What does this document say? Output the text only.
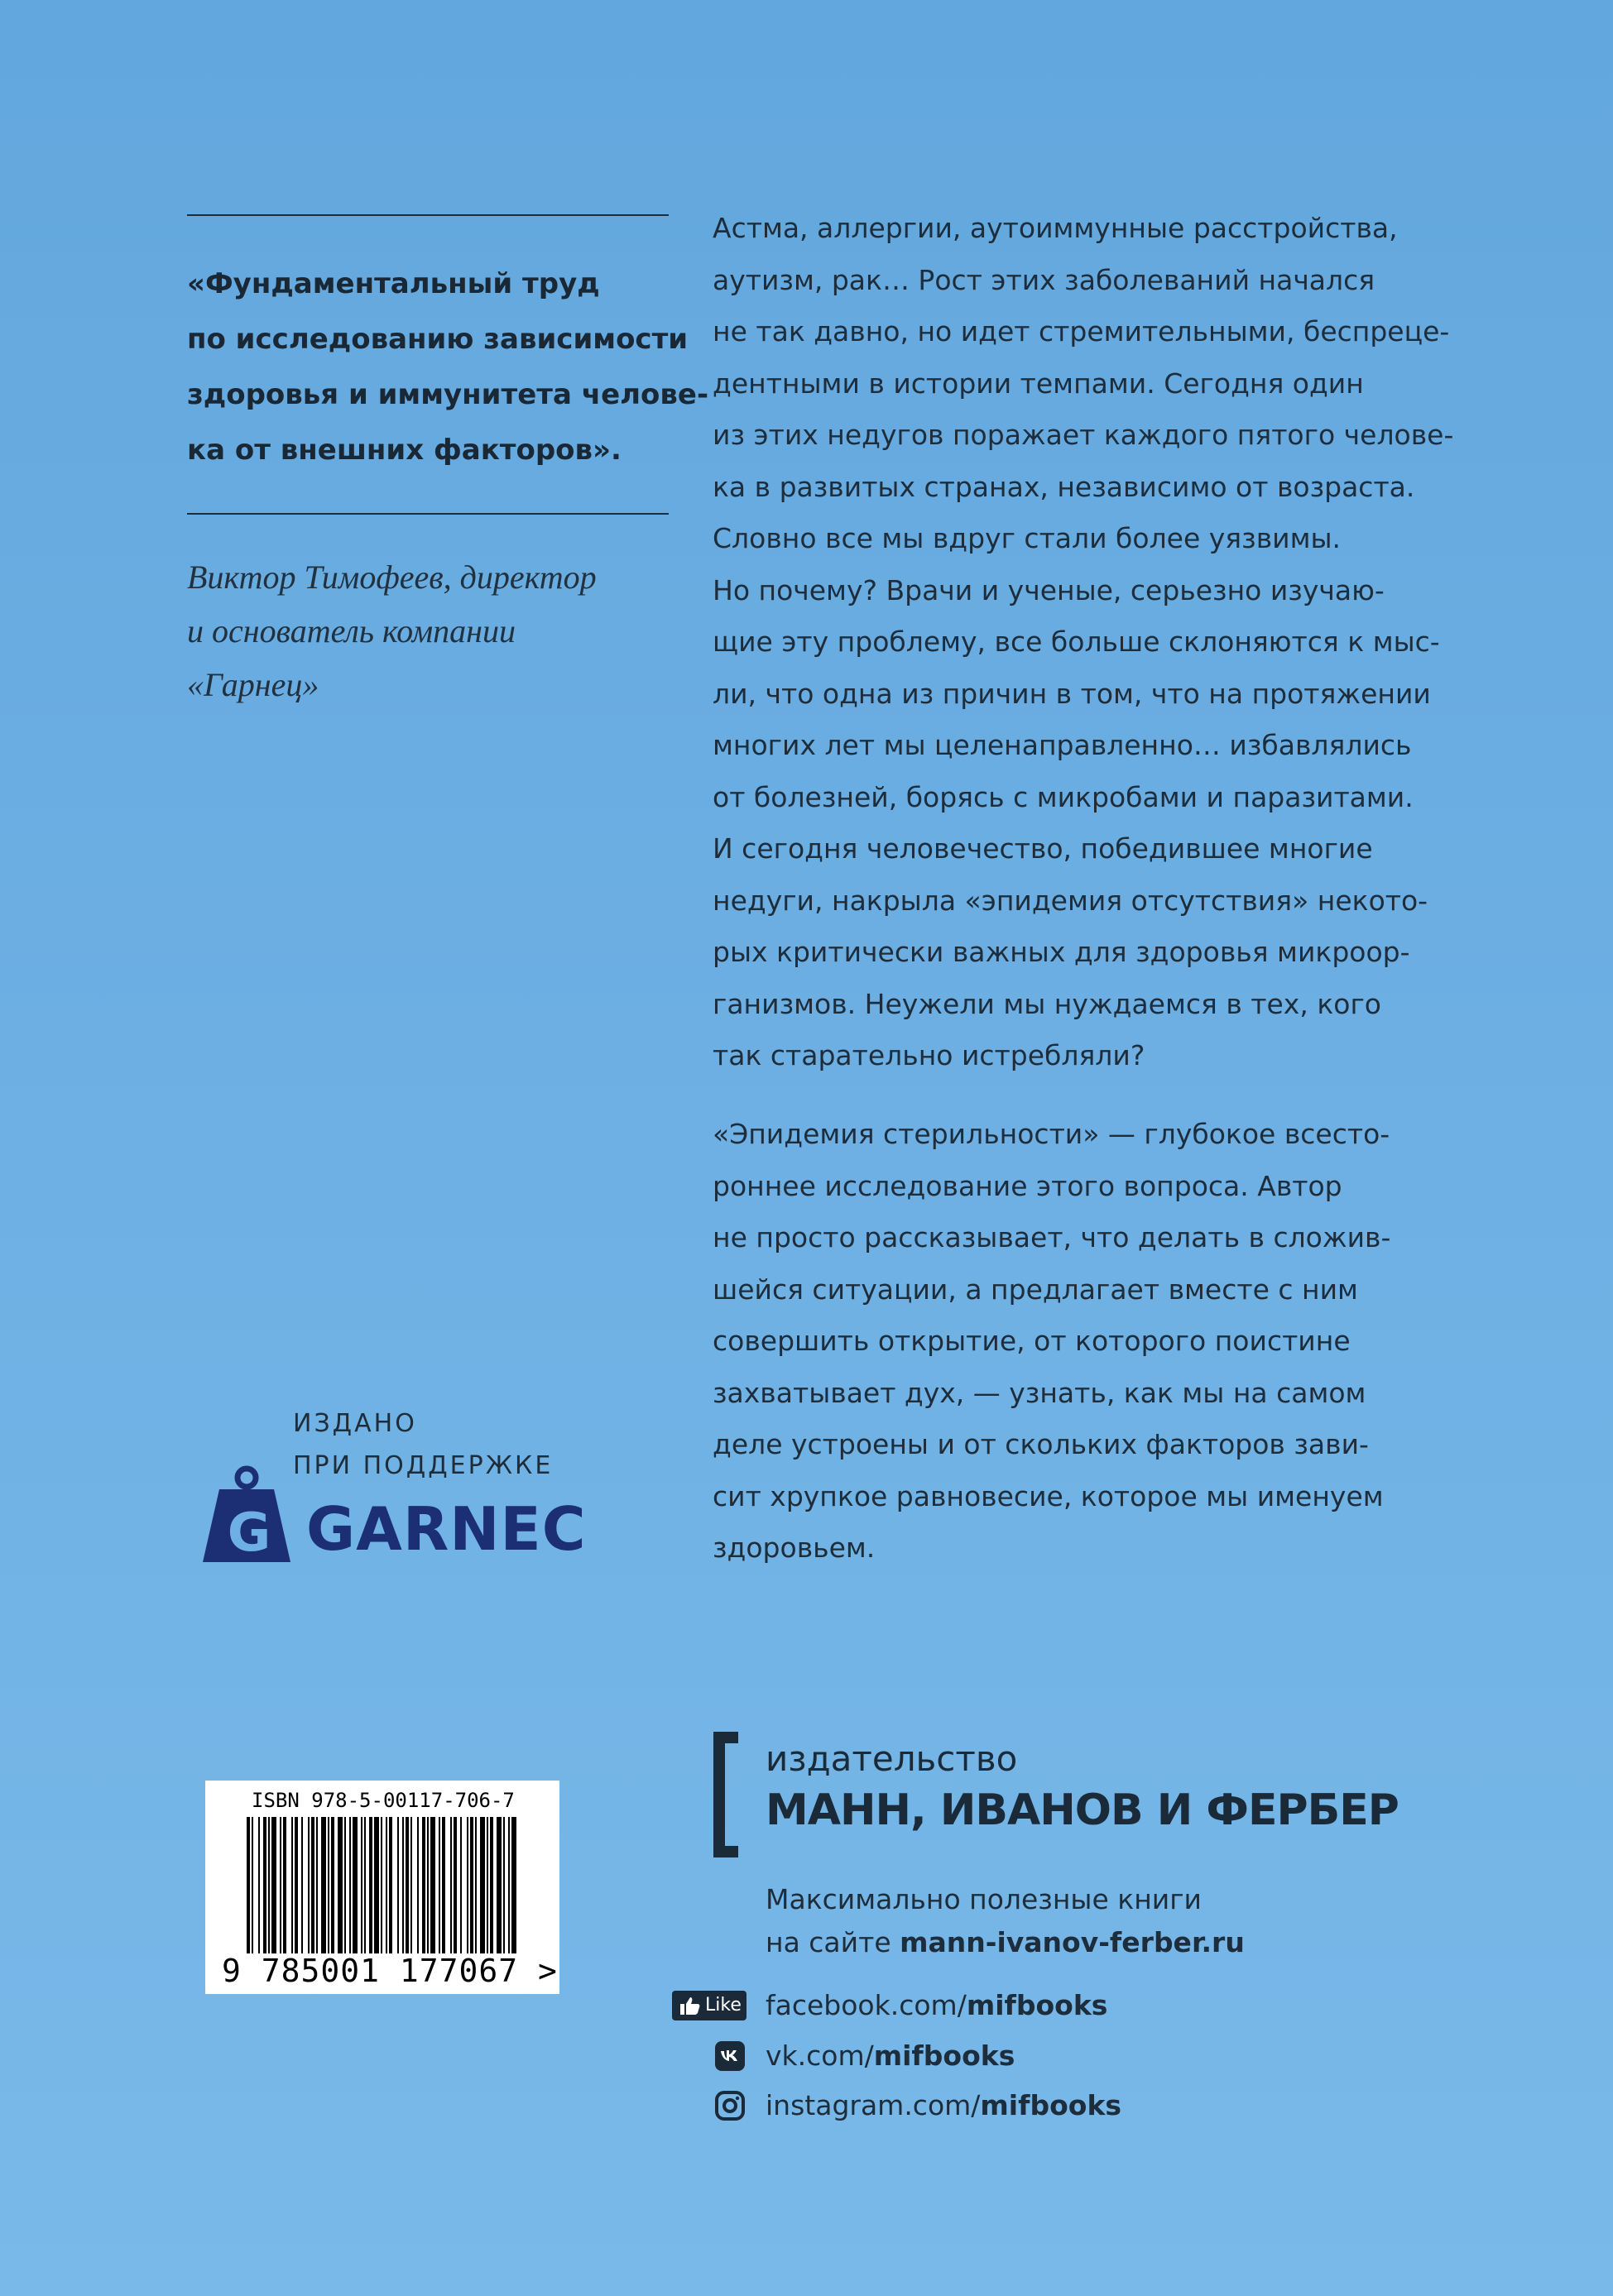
«Фундаментальный труд
по исследованию зависимости
здоровья и иммунитета челове-
ка от внешних факторов».
Виктор Тимофеев, директор
и основатель компании
«Гарнец»
Астма, аллергии, аутоиммунные расстройства,
аутизм, рак… Рост этих заболеваний начался
не так давно, но идет стремительными, беспреце-
дентными в истории темпами. Сегодня один
из этих недугов поражает каждого пятого челове-
ка в развитых странах, независимо от возраста.
Словно все мы вдруг стали более уязвимы.
Но почему? Врачи и ученые, серьезно изучаю-
щие эту проблему, все больше склоняются к мыс-
ли, что одна из причин в том, что на протяжении
многих лет мы целенаправленно… избавлялись
от болезней, борясь с микробами и паразитами.
И сегодня человечество, победившее многие
недуги, накрыла «эпидемия отсутствия» некото-
рых критически важных для здоровья микроор-
ганизмов. Неужели мы нуждаемся в тех, кого
так старательно истребляли?
«Эпидемия стерильности» — глубокое всесто-
роннее исследование этого вопроса. Автор
не просто рассказывает, что делать в сложив-
шейся ситуации, а предлагает вместе с ним
совершить открытие, от которого поистине
захватывает дух, — узнать, как мы на самом
деле устроены и от скольких факторов зави-
сит хрупкое равновесие, которое мы именуем
здоровьем.
ИЗДАНО
ПРИ ПОДДЕРЖКЕ
G GARNEC
ISBN 978-5-00117-706-7
9 785001 177067 >
издательство
МАНН, ИВАНОВ И ФЕРБЕР
Максимально полезные книги
на сайте mann-ivanov-ferber.ru
Like facebook.com/mifbooks
vk.com/mifbooks
instagram.com/mifbooks
